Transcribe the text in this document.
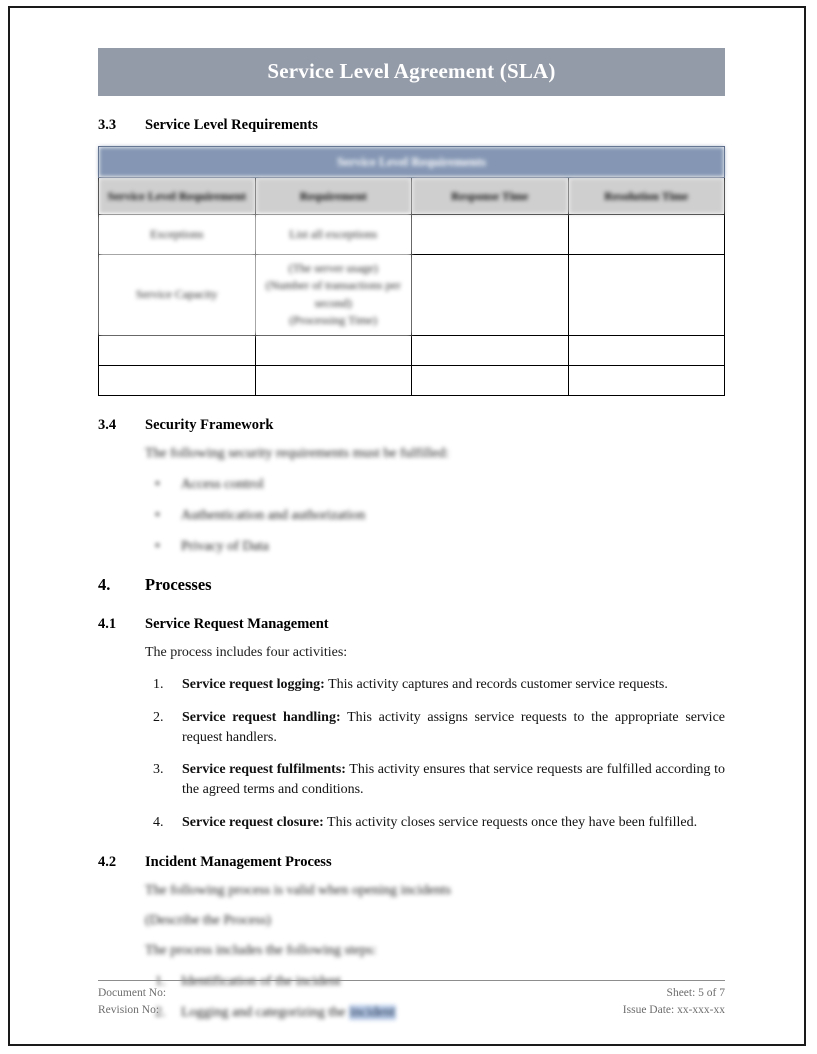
Service Level Agreement (SLA)
3.3	Service Level Requirements
Service Level Requirements			
Service Level Requirement	Requirement	Response Time	Resolution Time
Exceptions	List all exceptions		
Service Capacity	(The server usage)
(Number of transactions per second)
(Processing Time)		

3.4	Security Framework

The following security requirements must be fulfilled:

• Access control
• Authentication and authorization
• Privacy of Data
4.	Processes
4.1	Service Request Management

The process includes four activities:

Service request logging: This activity captures and records customer service requests.
Service request handling: This activity assigns service requests to the appropriate service request handlers.
Service request fulfilments: This activity ensures that service requests are fulfilled according to the agreed terms and conditions.
Service request closure: This activity closes service requests once they have been fulfilled.
4.2	Incident Management Process

The following process is valid when opening incidents

(Describe the Process)

The process includes the following steps:

Identification of the incident
Logging and categorizing the incident
Document No:	Sheet: 5 of 7
Revision No:	Issue Date: xx-xxx-xx
